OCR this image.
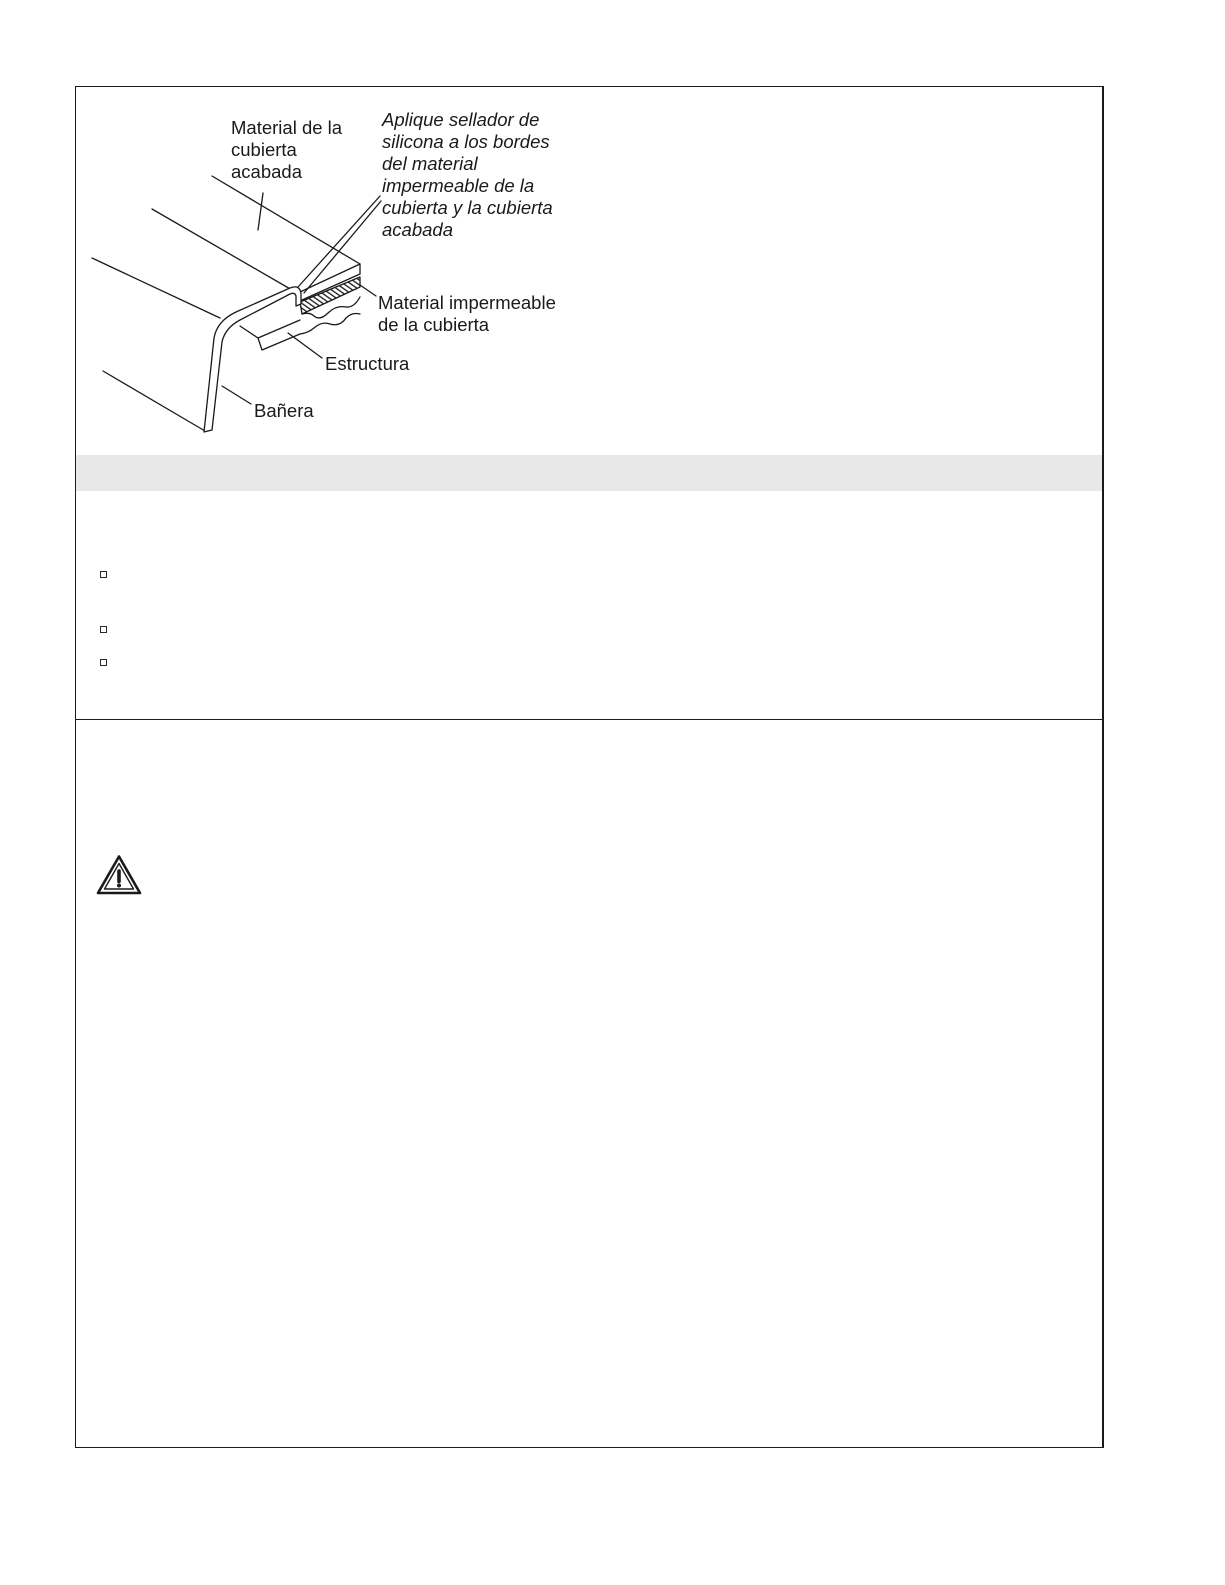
Material de la
cubierta
acabada
Aplique sellador de
silicona a los bordes
del material
impermeable de la
cubierta y la cubierta
acabada
Material impermeable
de la cubierta
Estructura
Bañera
